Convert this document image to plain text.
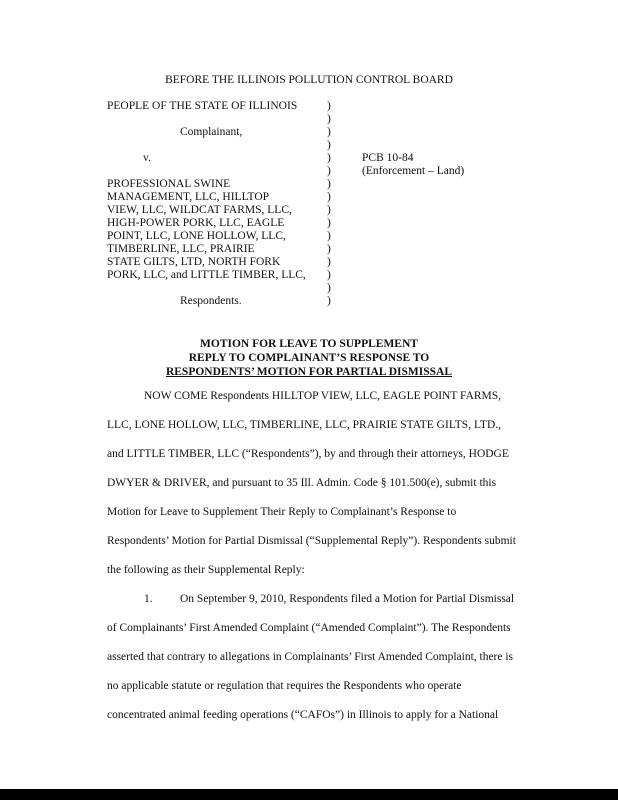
BEFORE THE ILLINOIS POLLUTION CONTROL BOARD
PEOPLE OF THE STATE OF ILLINOIS
Complainant,
v.
PROFESSIONAL SWINE
MANAGEMENT, LLC, HILLTOP
VIEW, LLC, WILDCAT FARMS, LLC,
HIGH-POWER PORK, LLC, EAGLE
POINT, LLC, LONE HOLLOW, LLC,
TIMBERLINE, LLC, PRAIRIE
STATE GILTS, LTD, NORTH FORK
PORK, LLC, and LITTLE TIMBER, LLC,
Respondents.
)
)
)
)
)
)
)
)
)
)
)
)
)
)
)
)
PCB 10-84
(Enforcement – Land)
MOTION FOR LEAVE TO SUPPLEMENT
REPLY TO COMPLAINANT’S RESPONSE TO
RESPONDENTS’ MOTION FOR PARTIAL DISMISSAL
NOW COME Respondents HILLTOP VIEW, LLC, EAGLE POINT FARMS,
LLC, LONE HOLLOW, LLC, TIMBERLINE, LLC, PRAIRIE STATE GILTS, LTD.,
and LITTLE TIMBER, LLC (“Respondents”), by and through their attorneys, HODGE
DWYER & DRIVER, and pursuant to 35 Ill. Admin. Code § 101.500(e), submit this
Motion for Leave to Supplement Their Reply to Complainant’s Response to
Respondents’ Motion for Partial Dismissal (“Supplemental Reply”). Respondents submit
the following as their Supplemental Reply:
1.	On September 9, 2010, Respondents filed a Motion for Partial Dismissal
of Complainants’ First Amended Complaint (“Amended Complaint”). The Respondents
asserted that contrary to allegations in Complainants’ First Amended Complaint, there is
no applicable statute or regulation that requires the Respondents who operate
concentrated animal feeding operations (“CAFOs”) in Illinois to apply for a National
